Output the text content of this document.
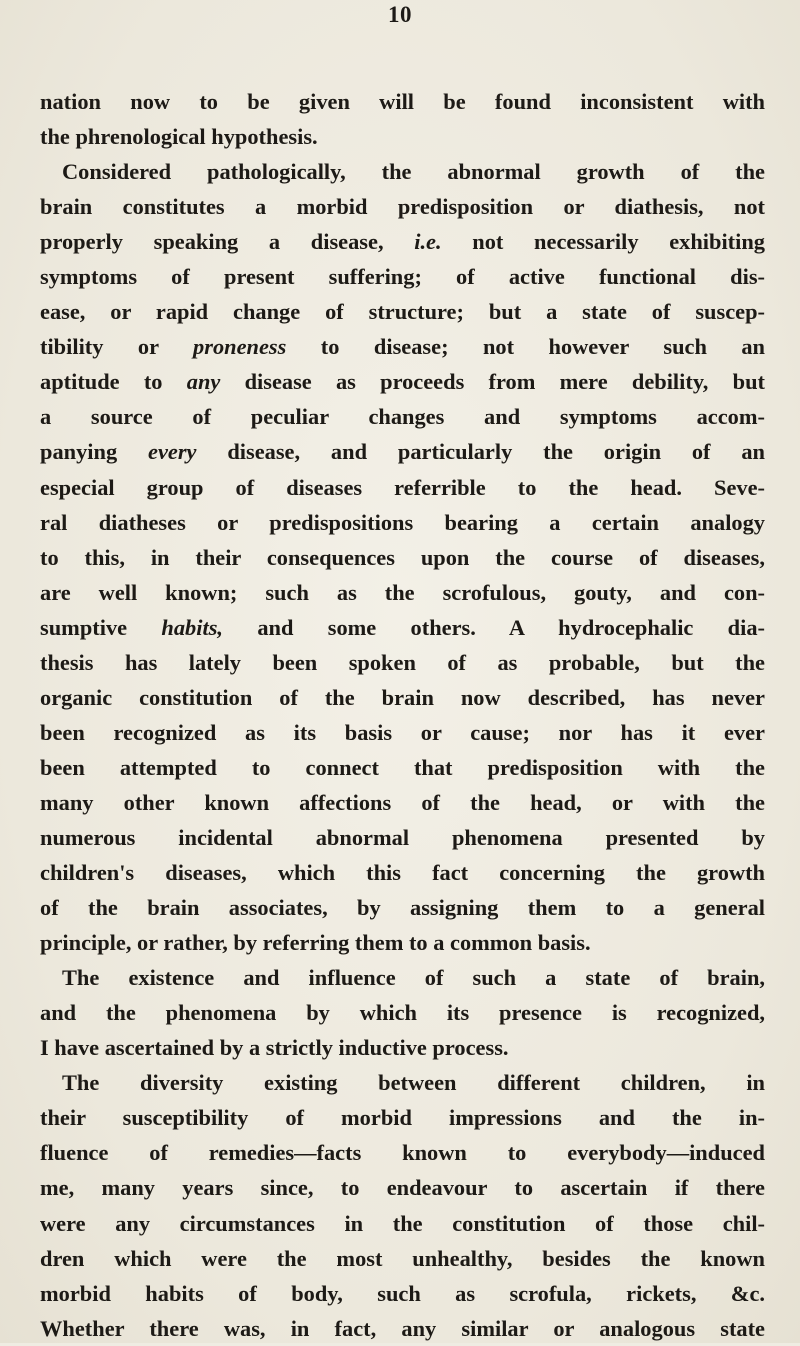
10
nation now to be given will be found inconsistent with
the phrenological hypothesis.
Considered pathologically, the abnormal growth of the
brain constitutes a morbid predisposition or diathesis, not
properly speaking a disease, i.e. not necessarily exhibiting
symptoms of present suffering; of active functional dis-
ease, or rapid change of structure; but a state of suscep-
tibility or proneness to disease; not however such an
aptitude to any disease as proceeds from mere debility, but
a source of peculiar changes and symptoms accom-
panying every disease, and particularly the origin of an
especial group of diseases referrible to the head. Seve-
ral diatheses or predispositions bearing a certain analogy
to this, in their consequences upon the course of diseases,
are well known; such as the scrofulous, gouty, and con-
sumptive habits, and some others. A hydrocephalic dia-
thesis has lately been spoken of as probable, but the
organic constitution of the brain now described, has never
been recognized as its basis or cause; nor has it ever
been attempted to connect that predisposition with the
many other known affections of the head, or with the
numerous incidental abnormal phenomena presented by
children's diseases, which this fact concerning the growth
of the brain associates, by assigning them to a general
principle, or rather, by referring them to a common basis.
The existence and influence of such a state of brain,
and the phenomena by which its presence is recognized,
I have ascertained by a strictly inductive process.
The diversity existing between different children, in
their susceptibility of morbid impressions and the in-
fluence of remedies—facts known to everybody—induced
me, many years since, to endeavour to ascertain if there
were any circumstances in the constitution of those chil-
dren which were the most unhealthy, besides the known
morbid habits of body, such as scrofula, rickets, &c.
Whether there was, in fact, any similar or analogous state
